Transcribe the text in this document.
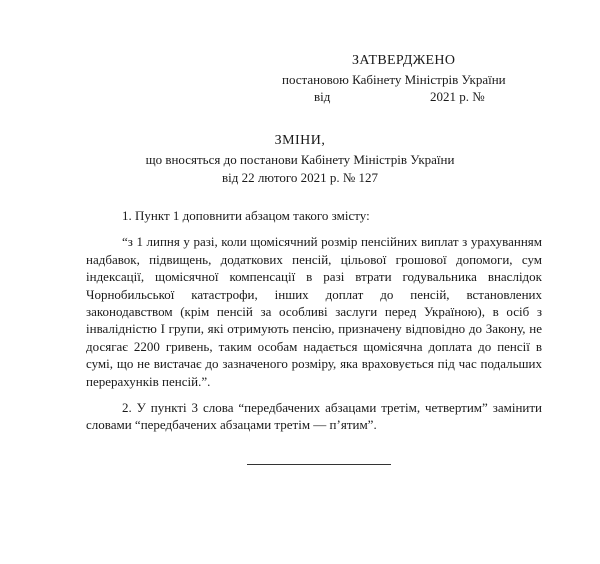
ЗАТВЕРДЖЕНО
постановою Кабінету Міністрів України
від	2021 р. №
ЗМІНИ,
що вносяться до постанови Кабінету Міністрів України
від 22 лютого 2021 р. № 127

1. Пункт 1 доповнити абзацом такого змісту:

“з 1 липня у разі, коли щомісячний розмір пенсійних виплат з урахуванням надбавок, підвищень, додаткових пенсій, цільової грошової допомоги, сум індексації, щомісячної компенсації в разі втрати годувальника внаслідок Чорнобильської катастрофи, інших доплат до пенсій, встановлених законодавством (крім пенсій за особливі заслуги перед Україною), в осіб з інвалідністю I групи, які отримують пенсію, призначену відповідно до Закону, не досягає 2200 гривень, таким особам надається щомісячна доплата до пенсії в сумі, що не вистачає до зазначеного розміру, яка враховується під час подальших перерахунків пенсій.”.

2. У пункті 3 слова “передбачених абзацами третім, четвертим” замінити словами “передбачених абзацами третім — п’ятим”.
